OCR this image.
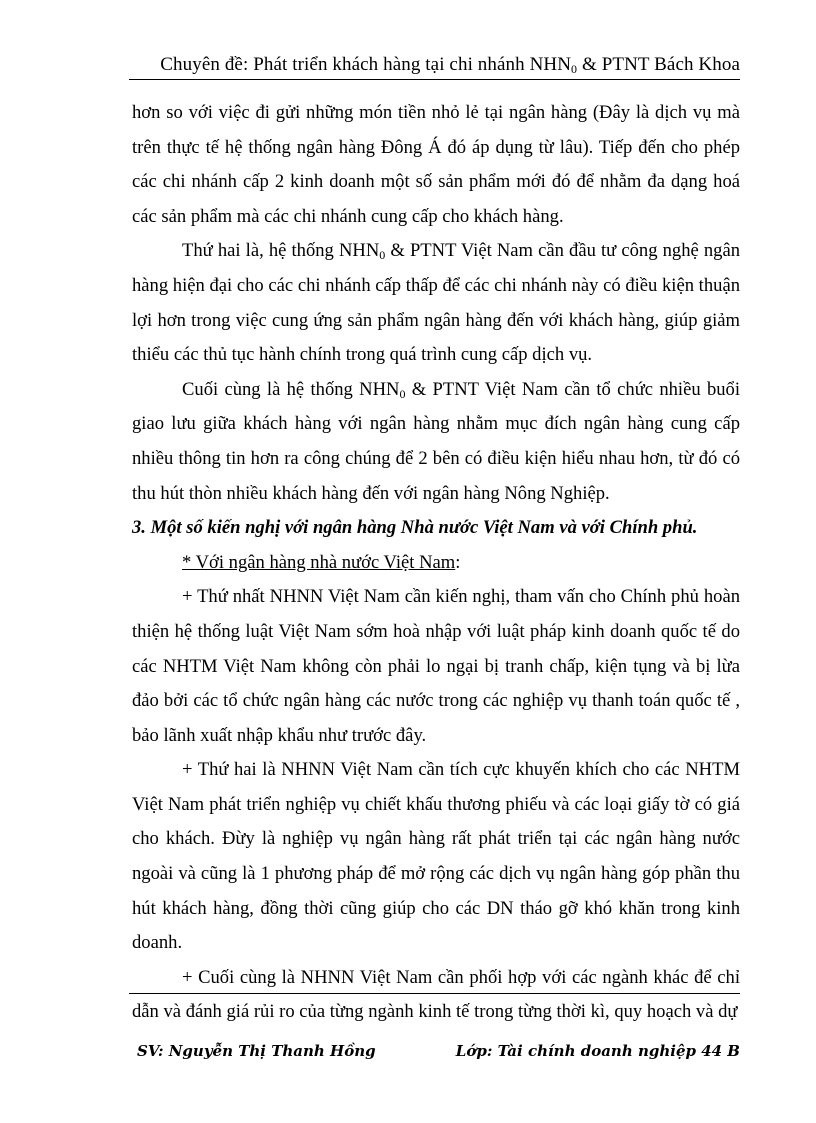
Chuyên đề: Phát triển khách hàng tại chi nhánh $NHN_0$ & PTNT Bách Khoa

hơn so với việc đi gửi những món tiền nhỏ lẻ tại ngân hàng (Đây là dịch vụ mà trên thực tế hệ thống ngân hàng Đông Á đó áp dụng từ lâu). Tiếp đến cho phép các chi nhánh cấp 2 kinh doanh một số sản phẩm mới đó để nhằm đa dạng hoá các sản phẩm mà các chi nhánh cung cấp cho khách hàng.

Thứ hai là, hệ thống $NHN_0$ & PTNT Việt Nam cần đầu tư công nghệ ngân hàng hiện đại cho các chi nhánh cấp thấp để các chi nhánh này có điều kiện thuận lợi hơn trong việc cung ứng sản phẩm ngân hàng đến với khách hàng, giúp giảm thiểu các thủ tục hành chính trong quá trình cung cấp dịch vụ.

Cuối cùng là hệ thống $NHN_0$ & PTNT Việt Nam cần tổ chức nhiều buổi giao lưu giữa khách hàng với ngân hàng nhằm mục đích ngân hàng cung cấp nhiều thông tin hơn ra công chúng để 2 bên có điều kiện hiểu nhau hơn, từ đó có thu hút thòn nhiều khách hàng đến với ngân hàng Nông Nghiệp.

3. Một số kiến nghị với ngân hàng Nhà nước Việt Nam và với Chính phủ.

* Với ngân hàng nhà nước Việt Nam:

+ Thứ nhất NHNN Việt Nam cần kiến nghị, tham vấn cho Chính phủ hoàn thiện hệ thống luật Việt Nam sớm hoà nhập với luật pháp kinh doanh quốc tế do các NHTM Việt Nam không còn phải lo ngại bị tranh chấp, kiện tụng và bị lừa đảo bởi các tổ chức ngân hàng các nước trong các nghiệp vụ thanh toán quốc tế , bảo lãnh xuất nhập khẩu như trước đây.

+ Thứ hai là NHNN Việt Nam cần tích cực khuyến khích cho các NHTM Việt Nam phát triển nghiệp vụ chiết khấu thương phiếu và các loại giấy tờ có giá cho khách. Đừy là nghiệp vụ ngân hàng rất phát triển tại các ngân hàng nước ngoài và cũng là 1 phương pháp để mở rộng các dịch vụ ngân hàng góp phần thu hút khách hàng, đồng thời cũng giúp cho các DN tháo gỡ khó khăn trong kinh doanh.

+ Cuối cùng là NHNN Việt Nam cần phối hợp với các ngành khác để chỉ dẫn và đánh giá rủi ro của từng ngành kinh tế trong từng thời kì, quy hoạch và dự

SV: Nguyễn Thị Thanh Hồng	Lớp: Tài chính doanh nghiệp 44 B
